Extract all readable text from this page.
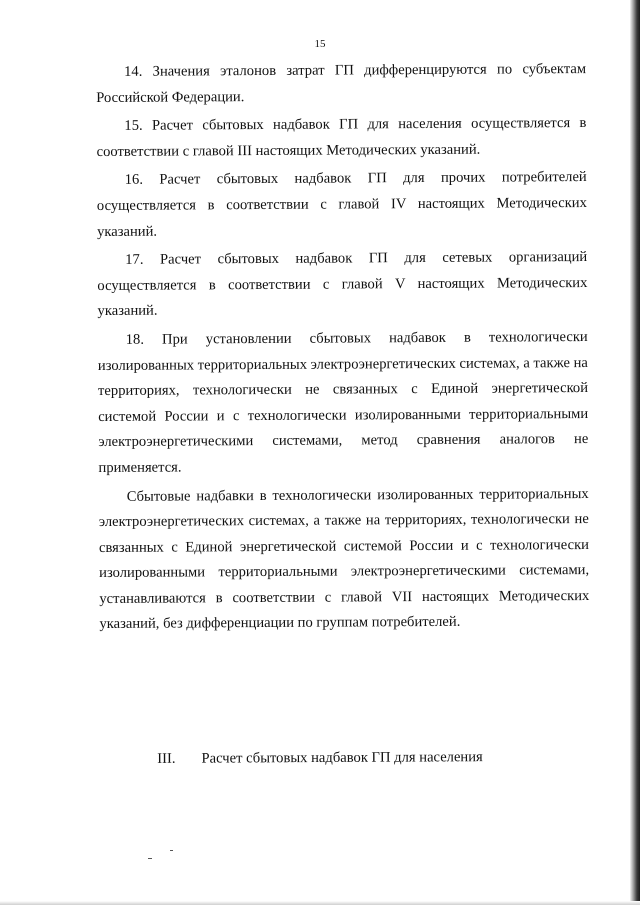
15

14. Значения эталонов затрат ГП дифференцируются по субъектам Российской Федерации.

15. Расчет сбытовых надбавок ГП для населения осуществляется в соответствии с главой III настоящих Методических указаний.

16. Расчет сбытовых надбавок ГП для прочих потребителей осуществляется в соответствии с главой IV настоящих Методических указаний.

17. Расчет сбытовых надбавок ГП для сетевых организаций осуществляется в соответствии с главой V настоящих Методических указаний.

18. При установлении сбытовых надбавок в технологически изолированных территориальных электроэнергетических системах, а также на территориях, технологически не связанных с Единой энергетической системой России и с технологически изолированными территориальными электроэнергетическими системами, метод сравнения аналогов не применяется.

Сбытовые надбавки в технологически изолированных территориальных электроэнергетических системах, а также на территориях, технологически не связанных с Единой энергетической системой России и с технологически изолированными территориальными электроэнергетическими системами, устанавливаются в соответствии с главой VII настоящих Методических указаний, без дифференциации по группам потребителей.

III. Расчет сбытовых надбавок ГП для населения
